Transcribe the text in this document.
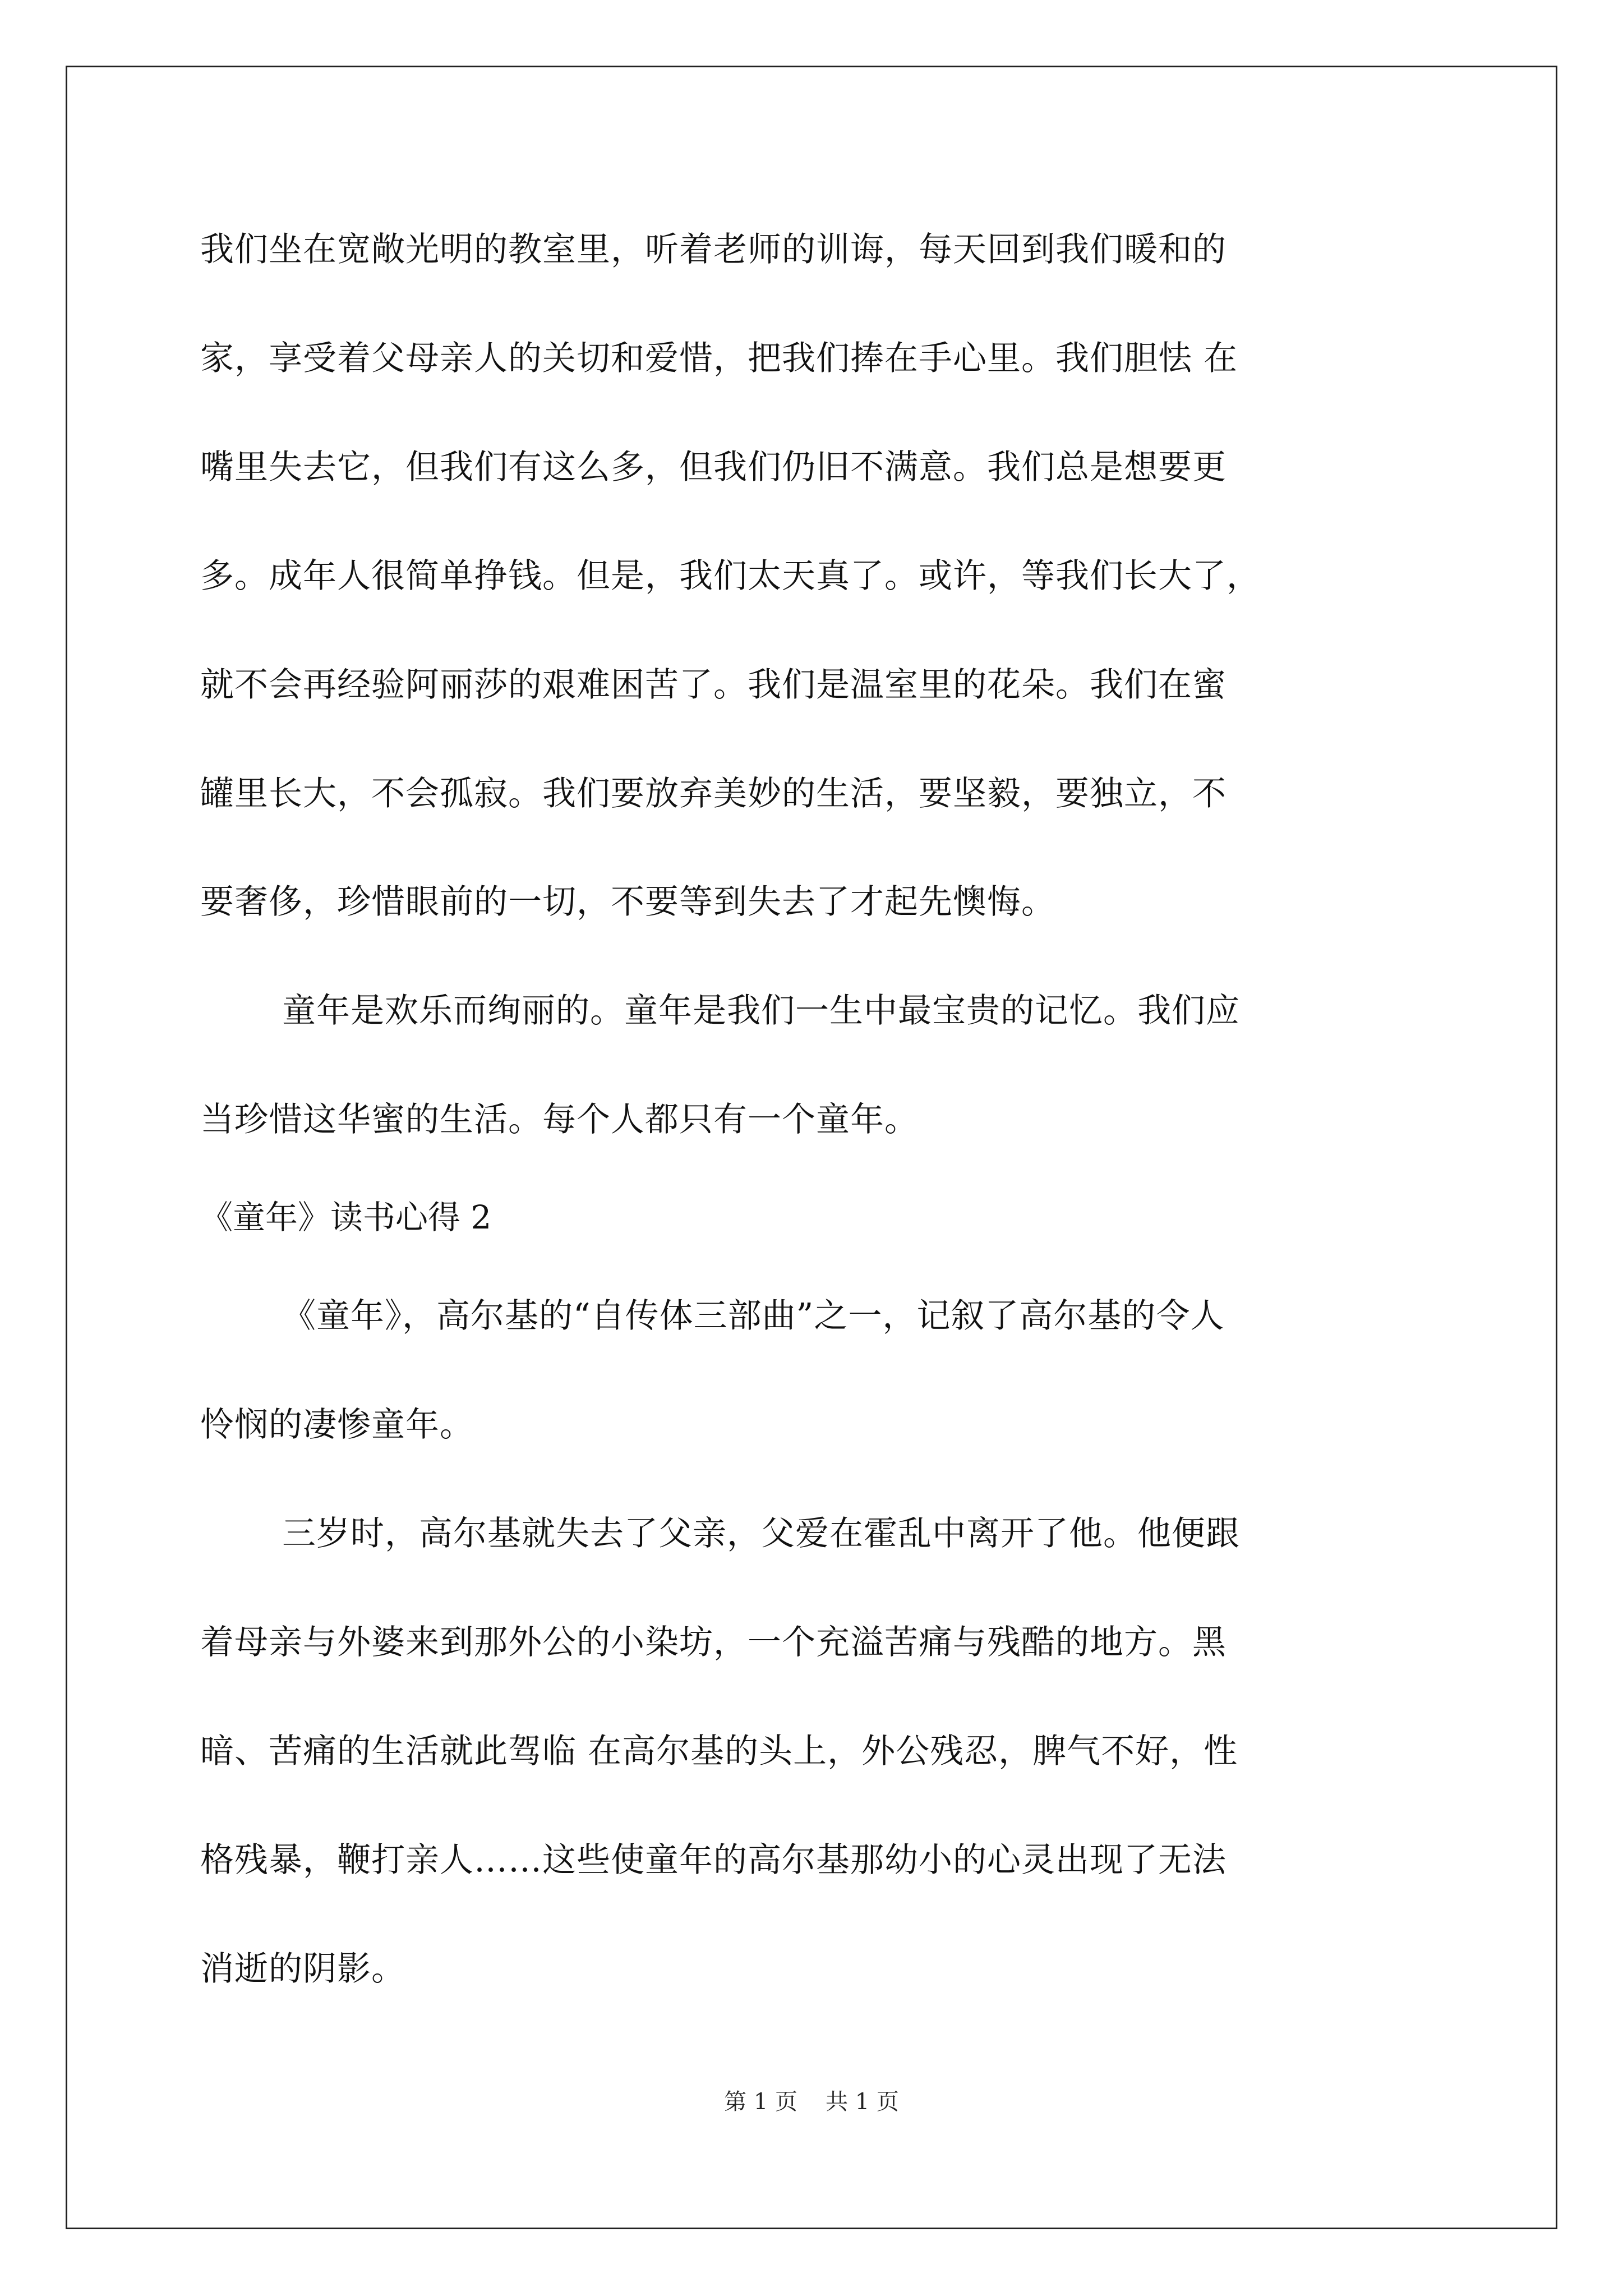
我们坐在宽敞光明的教室里，听着老师的训诲，每天回到我们暖和的
家，享受着父母亲人的关切和爱惜，把我们捧在手心里。我们胆怯 在
嘴里失去它，但我们有这么多，但我们仍旧不满意。我们总是想要更
多。成年人很简单挣钱。但是，我们太天真了。或许，等我们长大了，
就不会再经验阿丽莎的艰难困苦了。我们是温室里的花朵。我们在蜜
罐里长大，不会孤寂。我们要放弃美妙的生活，要坚毅，要独立，不
要奢侈，珍惜眼前的一切，不要等到失去了才起先懊悔。
童年是欢乐而绚丽的。童年是我们一生中最宝贵的记忆。我们应
当珍惜这华蜜的生活。每个人都只有一个童年。
《童年》读书心得 2
《童年》，高尔基的“自传体三部曲”之一，记叙了高尔基的令人
怜悯的凄惨童年。
三岁时，高尔基就失去了父亲，父爱在霍乱中离开了他。他便跟
着母亲与外婆来到那外公的小染坊，一个充溢苦痛与残酷的地方。黑
暗、苦痛的生活就此驾临 在高尔基的头上，外公残忍，脾气不好，性
格残暴，鞭打亲人……这些使童年的高尔基那幼小的心灵出现了无法
消逝的阴影。
第 1 页 共 1 页
